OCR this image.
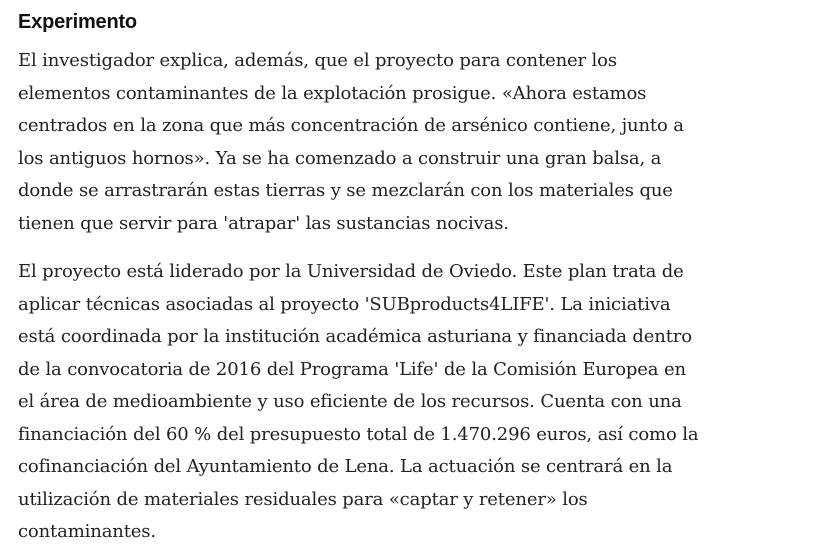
Experimento

El investigador explica, además, que el proyecto para contener los
elementos contaminantes de la explotación prosigue. «Ahora estamos
centrados en la zona que más concentración de arsénico contiene, junto a
los antiguos hornos». Ya se ha comenzado a construir una gran balsa, a
donde se arrastrarán estas tierras y se mezclarán con los materiales que
tienen que servir para 'atrapar' las sustancias nocivas.

El proyecto está liderado por la Universidad de Oviedo. Este plan trata de
aplicar técnicas asociadas al proyecto 'SUBproducts4LIFE'. La iniciativa
está coordinada por la institución académica asturiana y financiada dentro
de la convocatoria de 2016 del Programa 'Life' de la Comisión Europea en
el área de medioambiente y uso eficiente de los recursos. Cuenta con una
financiación del 60 % del presupuesto total de 1.470.296 euros, así como la
cofinanciación del Ayuntamiento de Lena. La actuación se centrará en la
utilización de materiales residuales para «captar y retener» los
contaminantes.
